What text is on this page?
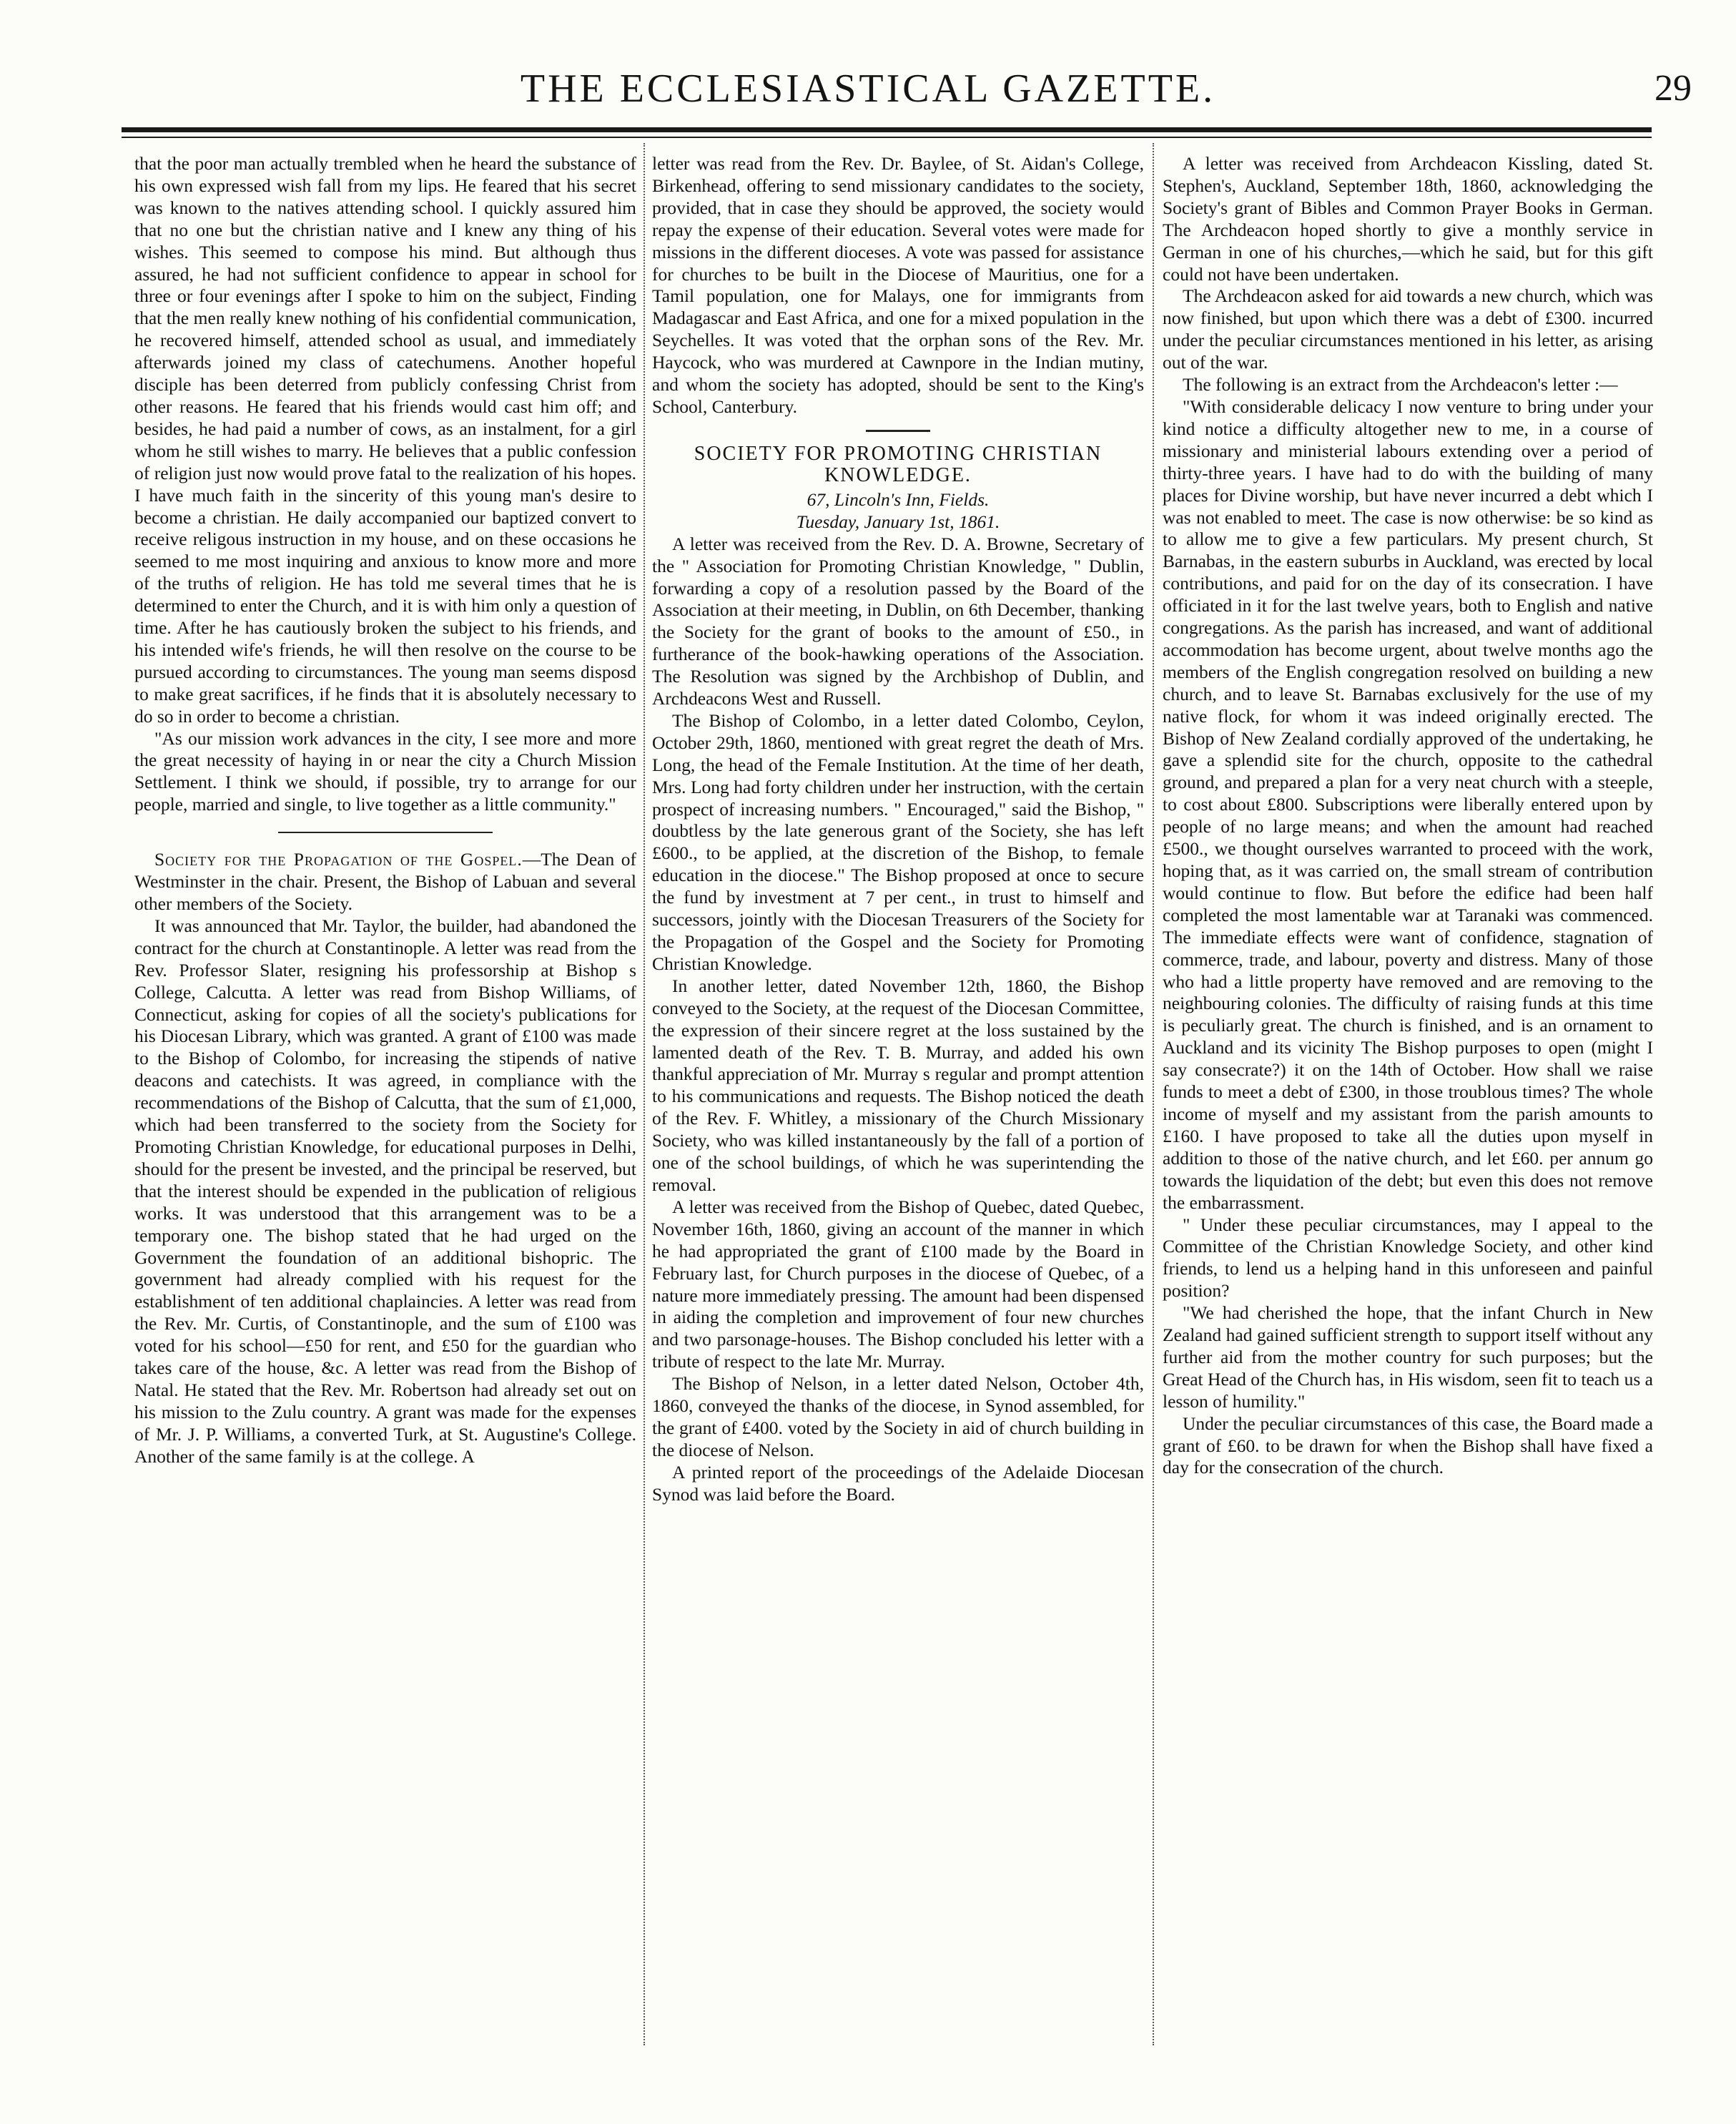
THE ECCLESIASTICAL GAZETTE.	29

that the poor man actually trembled when he heard the substance of his own expressed wish fall from my lips. He feared that his secret was known to the natives attending school. I quickly assured him that no one but the christian native and I knew any thing of his wishes. This seemed to compose his mind. But although thus assured, he had not sufficient confidence to appear in school for three or four evenings after I spoke to him on the subject, Finding that the men really knew nothing of his confidential communication, he recovered himself, attended school as usual, and immediately afterwards joined my class of catechumens. Another hopeful disciple has been deterred from publicly confessing Christ from other reasons. He feared that his friends would cast him off; and besides, he had paid a number of cows, as an instalment, for a girl whom he still wishes to marry. He believes that a public confession of religion just now would prove fatal to the realization of his hopes. I have much faith in the sincerity of this young man's desire to become a christian. He daily accompanied our baptized convert to receive religous instruction in my house, and on these occasions he seemed to me most inquiring and anxious to know more and more of the truths of religion. He has told me several times that he is determined to enter the Church, and it is with him only a question of time. After he has cautiously broken the subject to his friends, and his intended wife's friends, he will then resolve on the course to be pursued according to circumstances. The young man seems disposd to make great sacrifices, if he finds that it is absolutely necessary to do so in order to become a christian.

"As our mission work advances in the city, I see more and more the great necessity of haying in or near the city a Church Mission Settlement. I think we should, if possible, try to arrange for our people, married and single, to live together as a little community."

Society for the Propagation of the Gospel.—The Dean of Westminster in the chair. Present, the Bishop of Labuan and several other members of the Society.

It was announced that Mr. Taylor, the builder, had abandoned the contract for the church at Constantinople. A letter was read from the Rev. Professor Slater, resigning his professorship at Bishop s College, Calcutta. A letter was read from Bishop Williams, of Connecticut, asking for copies of all the society's publications for his Diocesan Library, which was granted. A grant of £100 was made to the Bishop of Colombo, for increasing the stipends of native deacons and catechists. It was agreed, in compliance with the recommendations of the Bishop of Calcutta, that the sum of £1,000, which had been transferred to the society from the Society for Promoting Christian Knowledge, for educational purposes in Delhi, should for the present be invested, and the principal be reserved, but that the interest should be expended in the publication of religious works. It was understood that this arrangement was to be a temporary one. The bishop stated that he had urged on the Government the foundation of an additional bishopric. The government had already complied with his request for the establishment of ten additional chaplaincies. A letter was read from the Rev. Mr. Curtis, of Constantinople, and the sum of £100 was voted for his school—£50 for rent, and £50 for the guardian who takes care of the house, &c. A letter was read from the Bishop of Natal. He stated that the Rev. Mr. Robertson had already set out on his mission to the Zulu country. A grant was made for the expenses of Mr. J. P. Williams, a converted Turk, at St. Augustine's College. Another of the same family is at the college. A

letter was read from the Rev. Dr. Baylee, of St. Aidan's College, Birkenhead, offering to send missionary candidates to the society, provided, that in case they should be approved, the society would repay the expense of their education. Several votes were made for missions in the different dioceses. A vote was passed for assistance for churches to be built in the Diocese of Mauritius, one for a Tamil population, one for Malays, one for immigrants from Madagascar and East Africa, and one for a mixed population in the Seychelles. It was voted that the orphan sons of the Rev. Mr. Haycock, who was murdered at Cawnpore in the Indian mutiny, and whom the society has adopted, should be sent to the King's School, Canterbury.

SOCIETY FOR PROMOTING CHRISTIAN KNOWLEDGE.

67, Lincoln's Inn, Fields.

Tuesday, January 1st, 1861.

A letter was received from the Rev. D. A. Browne, Secretary of the " Association for Promoting Christian Knowledge, " Dublin, forwarding a copy of a resolution passed by the Board of the Association at their meeting, in Dublin, on 6th December, thanking the Society for the grant of books to the amount of £50., in furtherance of the book-hawking operations of the Association. The Resolution was signed by the Archbishop of Dublin, and Archdeacons West and Russell.

The Bishop of Colombo, in a letter dated Colombo, Ceylon, October 29th, 1860, mentioned with great regret the death of Mrs. Long, the head of the Female Institution. At the time of her death, Mrs. Long had forty children under her instruction, with the certain prospect of increasing numbers. " Encouraged," said the Bishop, " doubtless by the late generous grant of the Society, she has left £600., to be applied, at the discretion of the Bishop, to female education in the diocese." The Bishop proposed at once to secure the fund by investment at 7 per cent., in trust to himself and successors, jointly with the Diocesan Treasurers of the Society for the Propagation of the Gospel and the Society for Promoting Christian Knowledge.

In another letter, dated November 12th, 1860, the Bishop conveyed to the Society, at the request of the Diocesan Committee, the expression of their sincere regret at the loss sustained by the lamented death of the Rev. T. B. Murray, and added his own thankful appreciation of Mr. Murray s regular and prompt attention to his communications and requests. The Bishop noticed the death of the Rev. F. Whitley, a missionary of the Church Missionary Society, who was killed instantaneously by the fall of a portion of one of the school buildings, of which he was superintending the removal.

A letter was received from the Bishop of Quebec, dated Quebec, November 16th, 1860, giving an account of the manner in which he had appropriated the grant of £100 made by the Board in February last, for Church purposes in the diocese of Quebec, of a nature more immediately pressing. The amount had been dispensed in aiding the completion and improvement of four new churches and two parsonage-houses. The Bishop concluded his letter with a tribute of respect to the late Mr. Murray.

The Bishop of Nelson, in a letter dated Nelson, October 4th, 1860, conveyed the thanks of the diocese, in Synod assembled, for the grant of £400. voted by the Society in aid of church building in the diocese of Nelson.

A printed report of the proceedings of the Adelaide Diocesan Synod was laid before the Board.

A letter was received from Archdeacon Kissling, dated St. Stephen's, Auckland, September 18th, 1860, acknowledging the Society's grant of Bibles and Common Prayer Books in German. The Archdeacon hoped shortly to give a monthly service in German in one of his churches,—which he said, but for this gift could not have been undertaken.

The Archdeacon asked for aid towards a new church, which was now finished, but upon which there was a debt of £300. incurred under the peculiar circumstances mentioned in his letter, as arising out of the war.

The following is an extract from the Archdeacon's letter :—

"With considerable delicacy I now venture to bring under your kind notice a difficulty altogether new to me, in a course of missionary and ministerial labours extending over a period of thirty-three years. I have had to do with the building of many places for Divine worship, but have never incurred a debt which I was not enabled to meet. The case is now otherwise: be so kind as to allow me to give a few particulars. My present church, St Barnabas, in the eastern suburbs in Auckland, was erected by local contributions, and paid for on the day of its consecration. I have officiated in it for the last twelve years, both to English and native congregations. As the parish has increased, and want of additional accommodation has become urgent, about twelve months ago the members of the English congregation resolved on building a new church, and to leave St. Barnabas exclusively for the use of my native flock, for whom it was indeed originally erected. The Bishop of New Zealand cordially approved of the undertaking, he gave a splendid site for the church, opposite to the cathedral ground, and prepared a plan for a very neat church with a steeple, to cost about £800. Subscriptions were liberally entered upon by people of no large means; and when the amount had reached £500., we thought ourselves warranted to proceed with the work, hoping that, as it was carried on, the small stream of contribution would continue to flow. But before the edifice had been half completed the most lamentable war at Taranaki was commenced. The immediate effects were want of confidence, stagnation of commerce, trade, and labour, poverty and distress. Many of those who had a little property have removed and are removing to the neighbouring colonies. The difficulty of raising funds at this time is peculiarly great. The church is finished, and is an ornament to Auckland and its vicinity The Bishop purposes to open (might I say consecrate?) it on the 14th of October. How shall we raise funds to meet a debt of £300, in those troublous times? The whole income of myself and my assistant from the parish amounts to £160. I have proposed to take all the duties upon myself in addition to those of the native church, and let £60. per annum go towards the liquidation of the debt; but even this does not remove the embarrassment.

" Under these peculiar circumstances, may I appeal to the Committee of the Christian Knowledge Society, and other kind friends, to lend us a helping hand in this unforeseen and painful position?

"We had cherished the hope, that the infant Church in New Zealand had gained sufficient strength to support itself without any further aid from the mother country for such purposes; but the Great Head of the Church has, in His wisdom, seen fit to teach us a lesson of humility."

Under the peculiar circumstances of this case, the Board made a grant of £60. to be drawn for when the Bishop shall have fixed a day for the consecration of the church.
